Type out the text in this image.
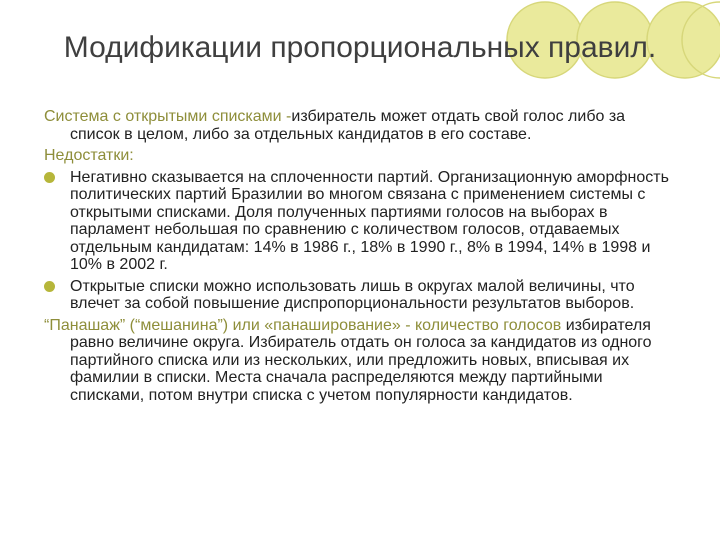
Модификации пропорциональных правил.

Система с открытыми списками -избиратель может отдать свой голос либо за список в целом, либо за отдельных кандидатов в его составе.

Недостатки:

Негативно сказывается на сплоченности партий. Организационную аморфность политических партий Бразилии во многом связана с применением системы с открытыми списками. Доля полученных партиями голосов на выборах в парламент небольшая по сравнению с количеством голосов, отдаваемых отдельным кандидатам: 14% в 1986 г., 18% в 1990 г., 8% в 1994, 14% в 1998 и 10% в 2002 г.
Открытые списки можно использовать лишь в округах малой величины, что влечет за собой повышение диспропорциональности результатов выборов.

“Панашаж” (“мешанина”) или «панаширование» - количество голосов избирателя равно величине округа. Избиратель отдать он голоса за кандидатов из одного партийного списка или из нескольких, или предложить новых, вписывая их фамилии в списки. Места сначала распределяются между партийными списками, потом внутри списка с учетом популярности кандидатов.
